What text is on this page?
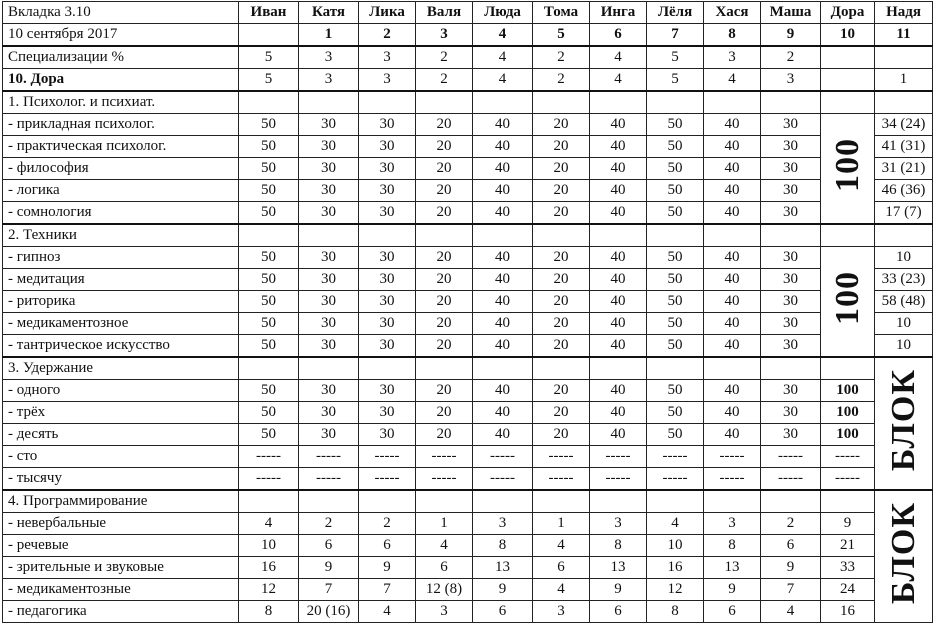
Вкладка 3.10	Иван	Катя	Лика	Валя	Люда	Тома	Инга	Лёля	Хася	Маша	Дора	Надя
10 сентября 2017		1	2	3	4	5	6	7	8	9	10	11
Специализации %	5	3	3	2	4	2	4	5	3	2		
10. Дора	5	3	3	2	4	2	4	5	4	3		1
1. Психолог. и психиат.												
- прикладная психолог.	50	30	30	20	40	20	40	50	40	30	100	34 (24)
- практическая психолог.	50	30	30	20	40	20	40	50	40	30		41 (31)
- философия	50	30	30	20	40	20	40	50	40	30		31 (21)
- логика	50	30	30	20	40	20	40	50	40	30		46 (36)
- сомнология	50	30	30	20	40	20	40	50	40	30		17 (7)
2. Техники												
- гипноз	50	30	30	20	40	20	40	50	40	30	100	10
- медитация	50	30	30	20	40	20	40	50	40	30		33 (23)
- риторика	50	30	30	20	40	20	40	50	40	30		58 (48)
- медикаментозное	50	30	30	20	40	20	40	50	40	30		10
- тантрическое искусство	50	30	30	20	40	20	40	50	40	30		10
3. Удержание												БЛОК
- одного	50	30	30	20	40	20	40	50	40	30	100	
- трёх	50	30	30	20	40	20	40	50	40	30	100	
- десять	50	30	30	20	40	20	40	50	40	30	100	
- сто	-----	-----	-----	-----	-----	-----	-----	-----	-----	-----	-----	
- тысячу	-----	-----	-----	-----	-----	-----	-----	-----	-----	-----	-----	
4. Программирование												БЛОК
- невербальные	4	2	2	1	3	1	3	4	3	2	9	
- речевые	10	6	6	4	8	4	8	10	8	6	21	
- зрительные и звуковые	16	9	9	6	13	6	13	16	13	9	33	
- медикаментозные	12	7	7	12 (8)	9	4	9	12	9	7	24	
- педагогика	8	20 (16)	4	3	6	3	6	8	6	4	16	
